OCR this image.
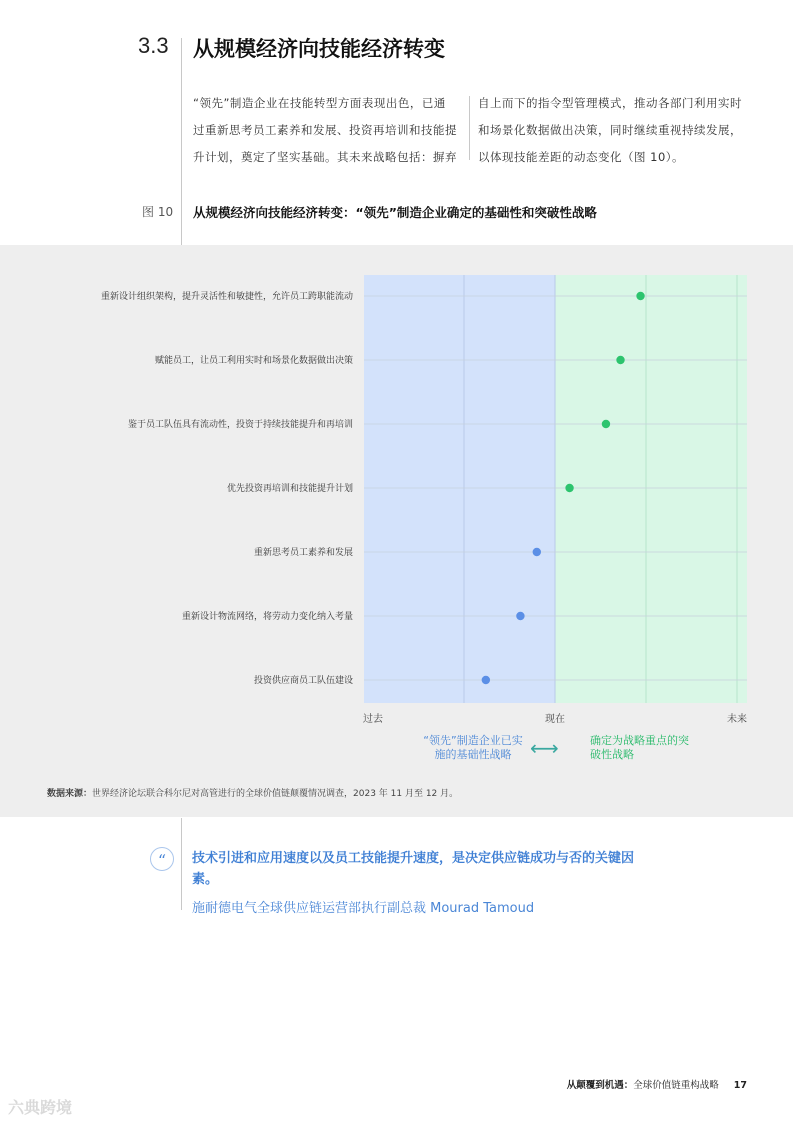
3.3 从规模经济向技能经济转变
“领先”制造企业在技能转型方面表现出色，已通
过重新思考员工素养和发展、投资再培训和技能提
升计划，奠定了坚实基础。其未来战略包括：摒弃
自上而下的指令型管理模式，推动各部门利用实时
和场景化数据做出决策，同时继续重视持续发展，
以体现技能差距的动态变化（图 10）。
图 10 从规模经济向技能经济转变：“领先”制造企业确定的基础性和突破性战略
重新设计组织架构，提升灵活性和敏捷性，允许员工跨职能流动
赋能员工，让员工利用实时和场景化数据做出决策
鉴于员工队伍具有流动性，投资于持续技能提升和再培训
优先投资再培训和技能提升计划
重新思考员工素养和发展
重新设计物流网络，将劳动力变化纳入考量
投资供应商员工队伍建设
过去	现在	未来
“领先”制造企业已实施的基础性战略 ⟷	确定为战略重点的突破性战略
数据来源：世界经济论坛联合科尔尼对高管进行的全球价值链颠覆情况调查，2023 年 11 月至 12 月。
“	技术引进和应用速度以及员工技能提升速度，是决定供应链成功与否的关键因素。
施耐德电气全球供应链运营部执行副总裁 Mourad Tamoud
从颠覆到机遇：全球价值链重构战略 17
六典跨境
